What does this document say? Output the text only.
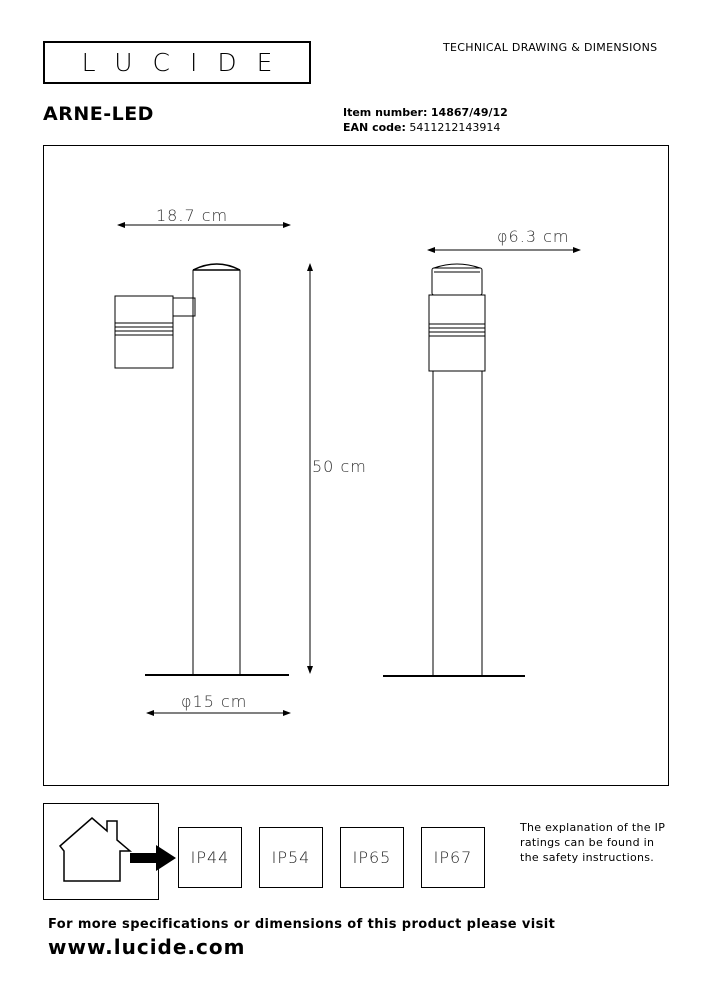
LUCIDE
TECHNICAL DRAWING & DIMENSIONS
ARNE-LED	Item number: 14867/49/12
EAN code: 5411212143914
18.7 cm
50 cm
φ6.3 cm
φ15 cm
IP44	IP54	IP65	IP67
The explanation of the IP ratings can be found in the safety instructions.
For more specifications or dimensions of this product please visit
www.lucide.com
